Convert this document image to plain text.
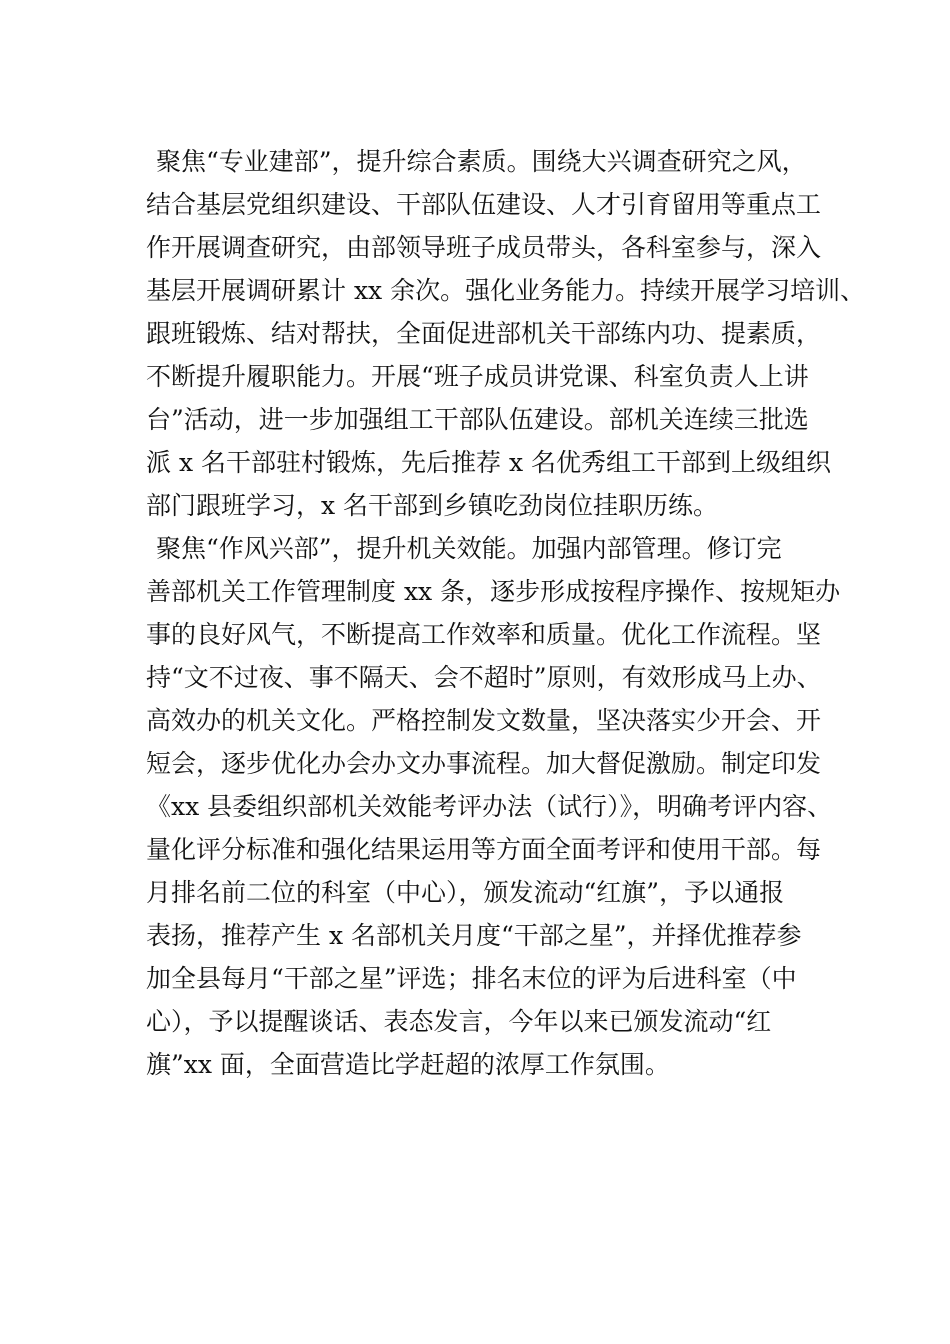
聚焦“专业建部”，提升综合素质。围绕大兴调查研究之风，
结合基层党组织建设、干部队伍建设、人才引育留用等重点工
作开展调查研究，由部领导班子成员带头，各科室参与，深入
基层开展调研累计 xx 余次。强化业务能力。持续开展学习培训、
跟班锻炼、结对帮扶，全面促进部机关干部练内功、提素质，
不断提升履职能力。开展“班子成员讲党课、科室负责人上讲
台”活动，进一步加强组工干部队伍建设。部机关连续三批选
派 x 名干部驻村锻炼，先后推荐 x 名优秀组工干部到上级组织
部门跟班学习，x 名干部到乡镇吃劲岗位挂职历练。
聚焦“作风兴部”，提升机关效能。加强内部管理。修订完
善部机关工作管理制度 xx 条，逐步形成按程序操作、按规矩办
事的良好风气，不断提高工作效率和质量。优化工作流程。坚
持“文不过夜、事不隔天、会不超时”原则，有效形成马上办、
高效办的机关文化。严格控制发文数量，坚决落实少开会、开
短会，逐步优化办会办文办事流程。加大督促激励。制定印发
《xx 县委组织部机关效能考评办法（试行）》，明确考评内容、
量化评分标准和强化结果运用等方面全面考评和使用干部。每
月排名前二位的科室（中心），颁发流动“红旗”，予以通报
表扬，推荐产生 x 名部机关月度“干部之星”，并择优推荐参
加全县每月“干部之星”评选；排名末位的评为后进科室（中
心），予以提醒谈话、表态发言，今年以来已颁发流动“红
旗”xx 面，全面营造比学赶超的浓厚工作氛围。
